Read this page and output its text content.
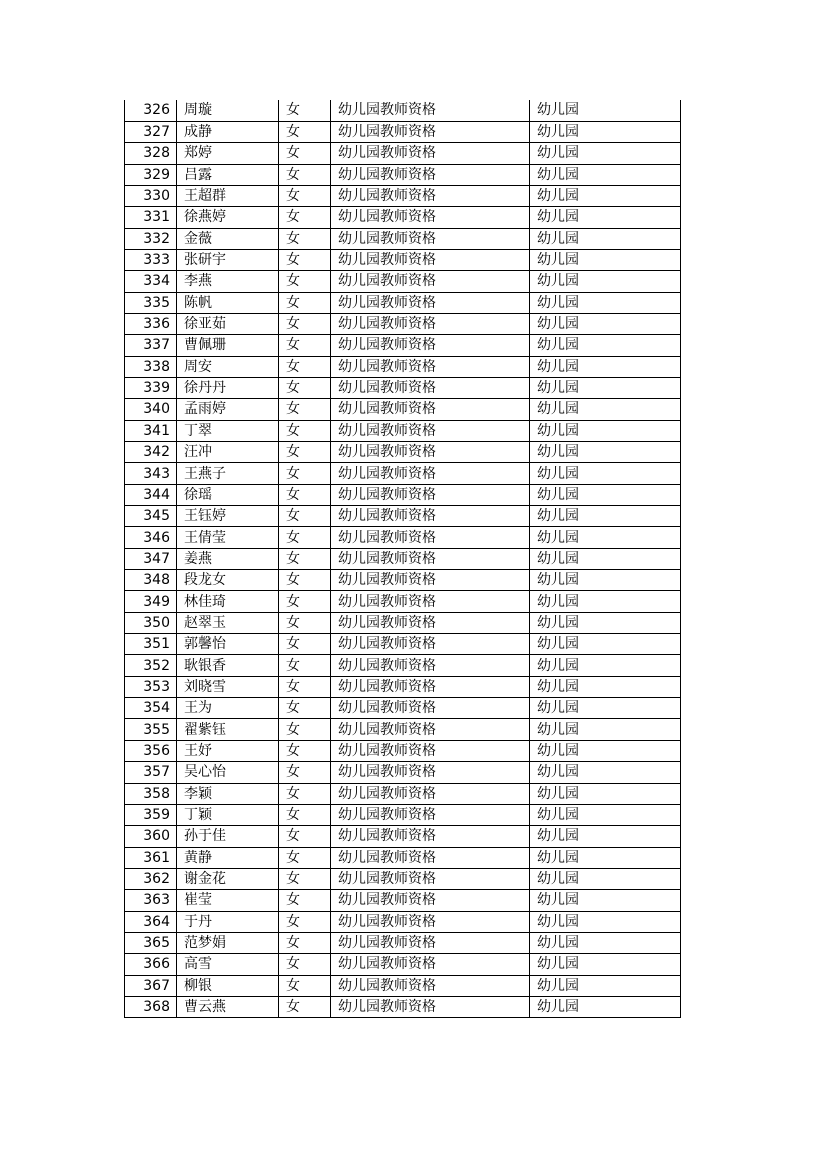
326	周璇	女	幼儿园教师资格	幼儿园
327	成静	女	幼儿园教师资格	幼儿园
328	郑婷	女	幼儿园教师资格	幼儿园
329	吕露	女	幼儿园教师资格	幼儿园
330	王超群	女	幼儿园教师资格	幼儿园
331	徐燕婷	女	幼儿园教师资格	幼儿园
332	金薇	女	幼儿园教师资格	幼儿园
333	张研宇	女	幼儿园教师资格	幼儿园
334	李燕	女	幼儿园教师资格	幼儿园
335	陈帆	女	幼儿园教师资格	幼儿园
336	徐亚茹	女	幼儿园教师资格	幼儿园
337	曹佩珊	女	幼儿园教师资格	幼儿园
338	周安	女	幼儿园教师资格	幼儿园
339	徐丹丹	女	幼儿园教师资格	幼儿园
340	孟雨婷	女	幼儿园教师资格	幼儿园
341	丁翠	女	幼儿园教师资格	幼儿园
342	汪冲	女	幼儿园教师资格	幼儿园
343	王燕子	女	幼儿园教师资格	幼儿园
344	徐瑶	女	幼儿园教师资格	幼儿园
345	王钰婷	女	幼儿园教师资格	幼儿园
346	王倩莹	女	幼儿园教师资格	幼儿园
347	姜燕	女	幼儿园教师资格	幼儿园
348	段龙女	女	幼儿园教师资格	幼儿园
349	林佳琦	女	幼儿园教师资格	幼儿园
350	赵翠玉	女	幼儿园教师资格	幼儿园
351	郭馨怡	女	幼儿园教师资格	幼儿园
352	耿银香	女	幼儿园教师资格	幼儿园
353	刘晓雪	女	幼儿园教师资格	幼儿园
354	王为	女	幼儿园教师资格	幼儿园
355	翟紫钰	女	幼儿园教师资格	幼儿园
356	王妤	女	幼儿园教师资格	幼儿园
357	吴心怡	女	幼儿园教师资格	幼儿园
358	李颖	女	幼儿园教师资格	幼儿园
359	丁颖	女	幼儿园教师资格	幼儿园
360	孙于佳	女	幼儿园教师资格	幼儿园
361	黄静	女	幼儿园教师资格	幼儿园
362	谢金花	女	幼儿园教师资格	幼儿园
363	崔莹	女	幼儿园教师资格	幼儿园
364	于丹	女	幼儿园教师资格	幼儿园
365	范梦娟	女	幼儿园教师资格	幼儿园
366	高雪	女	幼儿园教师资格	幼儿园
367	柳银	女	幼儿园教师资格	幼儿园
368	曹云燕	女	幼儿园教师资格	幼儿园
